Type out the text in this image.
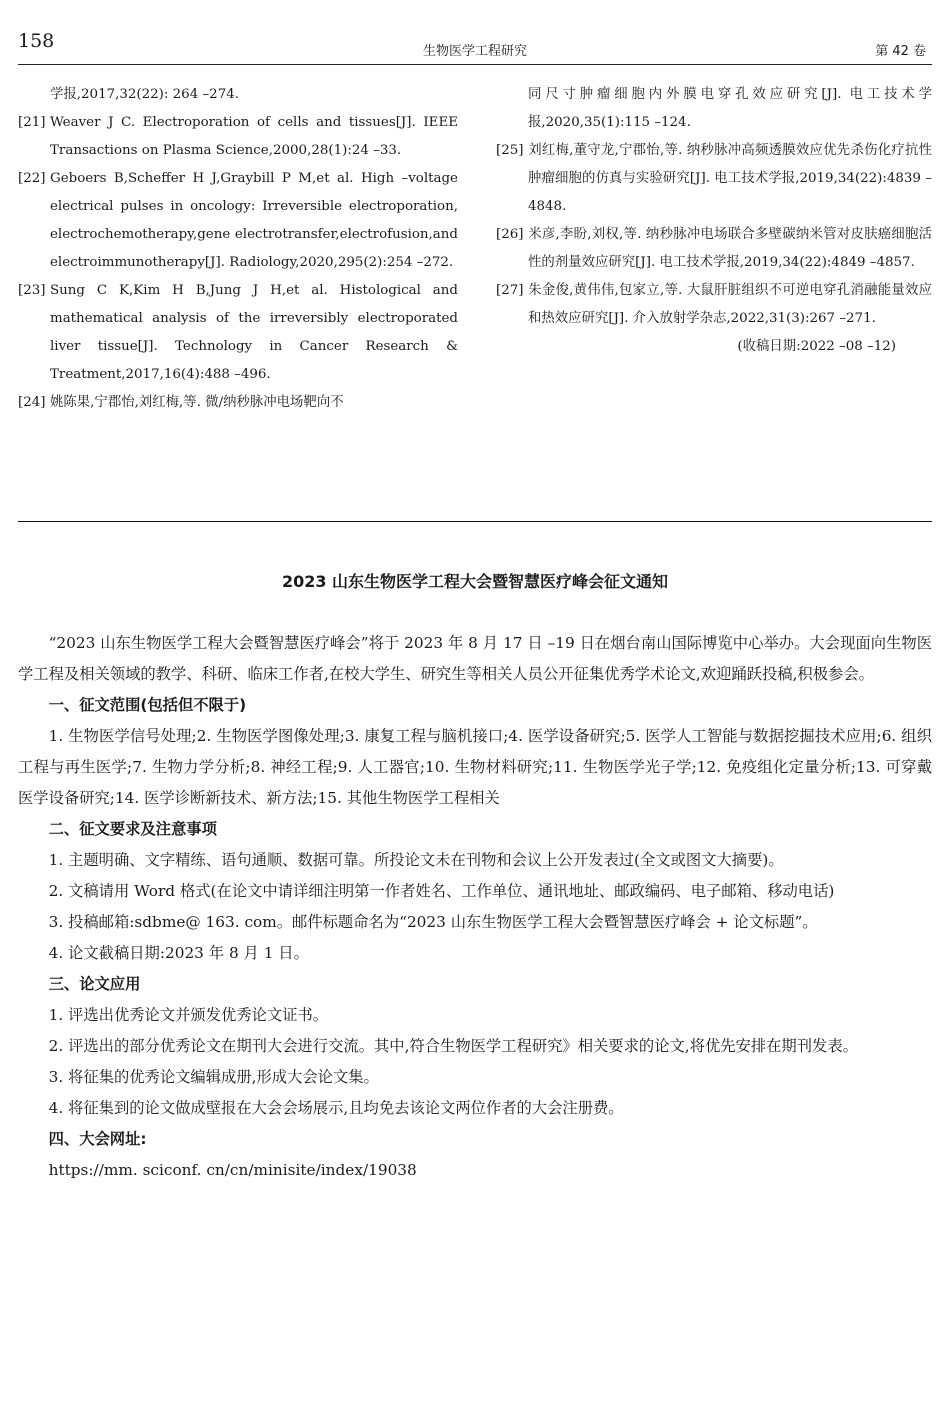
158	生物医学工程研究	第 42 卷
学报,2017,32(22): 264 –274.
[21] Weaver J C. Electroporation of cells and tissues[J]. IEEE Transactions on Plasma Science,2000,28(1):24 –33.
[22] Geboers B,Scheffer H J,Graybill P M,et al. High –voltage electrical pulses in oncology: Irreversible electroporation, electrochemotherapy,gene electrotransfer,electrofusion,and electroimmunotherapy[J]. Radiology,2020,295(2):254 –272.
[23] Sung C K,Kim H B,Jung J H,et al. Histological and mathematical analysis of the irreversibly electroporated liver tissue[J]. Technology in Cancer Research & Treatment,2017,16(4):488 –496.
[24] 姚陈果,宁郡怡,刘红梅,等. 微/纳秒脉冲电场靶向不
同尺寸肿瘤细胞内外膜电穿孔效应研究[J]. 电工技术学报,2020,35(1):115 –124.
[25] 刘红梅,董守龙,宁郡怡,等. 纳秒脉冲高频透膜效应优先杀伤化疗抗性肿瘤细胞的仿真与实验研究[J]. 电工技术学报,2019,34(22):4839 –4848.
[26] 米彦,李盼,刘权,等. 纳秒脉冲电场联合多壁碳纳米管对皮肤癌细胞活性的剂量效应研究[J]. 电工技术学报,2019,34(22):4849 –4857.
[27] 朱金俊,黄伟伟,包家立,等. 大鼠肝脏组织不可逆电穿孔消融能量效应和热效应研究[J]. 介入放射学杂志,2022,31(3):267 –271.
(收稿日期:2022 –08 –12)
2023 山东生物医学工程大会暨智慧医疗峰会征文通知

“2023 山东生物医学工程大会暨智慧医疗峰会”将于 2023 年 8 月 17 日 –19 日在烟台南山国际博览中心举办。大会现面向生物医学工程及相关领域的教学、科研、临床工作者,在校大学生、研究生等相关人员公开征集优秀学术论文,欢迎踊跃投稿,积极参会。

一、征文范围(包括但不限于)

1. 生物医学信号处理;2. 生物医学图像处理;3. 康复工程与脑机接口;4. 医学设备研究;5. 医学人工智能与数据挖掘技术应用;6. 组织工程与再生医学;7. 生物力学分析;8. 神经工程;9. 人工器官;10. 生物材料研究;11. 生物医学光子学;12. 免疫组化定量分析;13. 可穿戴医学设备研究;14. 医学诊断新技术、新方法;15. 其他生物医学工程相关

二、征文要求及注意事项

1. 主题明确、文字精练、语句通顺、数据可靠。所投论文未在刊物和会议上公开发表过(全文或图文大摘要)。

2. 文稿请用 Word 格式(在论文中请详细注明第一作者姓名、工作单位、通讯地址、邮政编码、电子邮箱、移动电话)

3. 投稿邮箱:sdbme@ 163. com。邮件标题命名为“2023 山东生物医学工程大会暨智慧医疗峰会 + 论文标题”。

4. 论文截稿日期:2023 年 8 月 1 日。

三、论文应用

1. 评选出优秀论文并颁发优秀论文证书。

2. 评选出的部分优秀论文在期刊大会进行交流。其中,符合生物医学工程研究》相关要求的论文,将优先安排在期刊发表。

3. 将征集的优秀论文编辑成册,形成大会论文集。

4. 将征集到的论文做成壁报在大会会场展示,且均免去该论文两位作者的大会注册费。

四、大会网址:

https://mm. sciconf. cn/cn/minisite/index/19038
